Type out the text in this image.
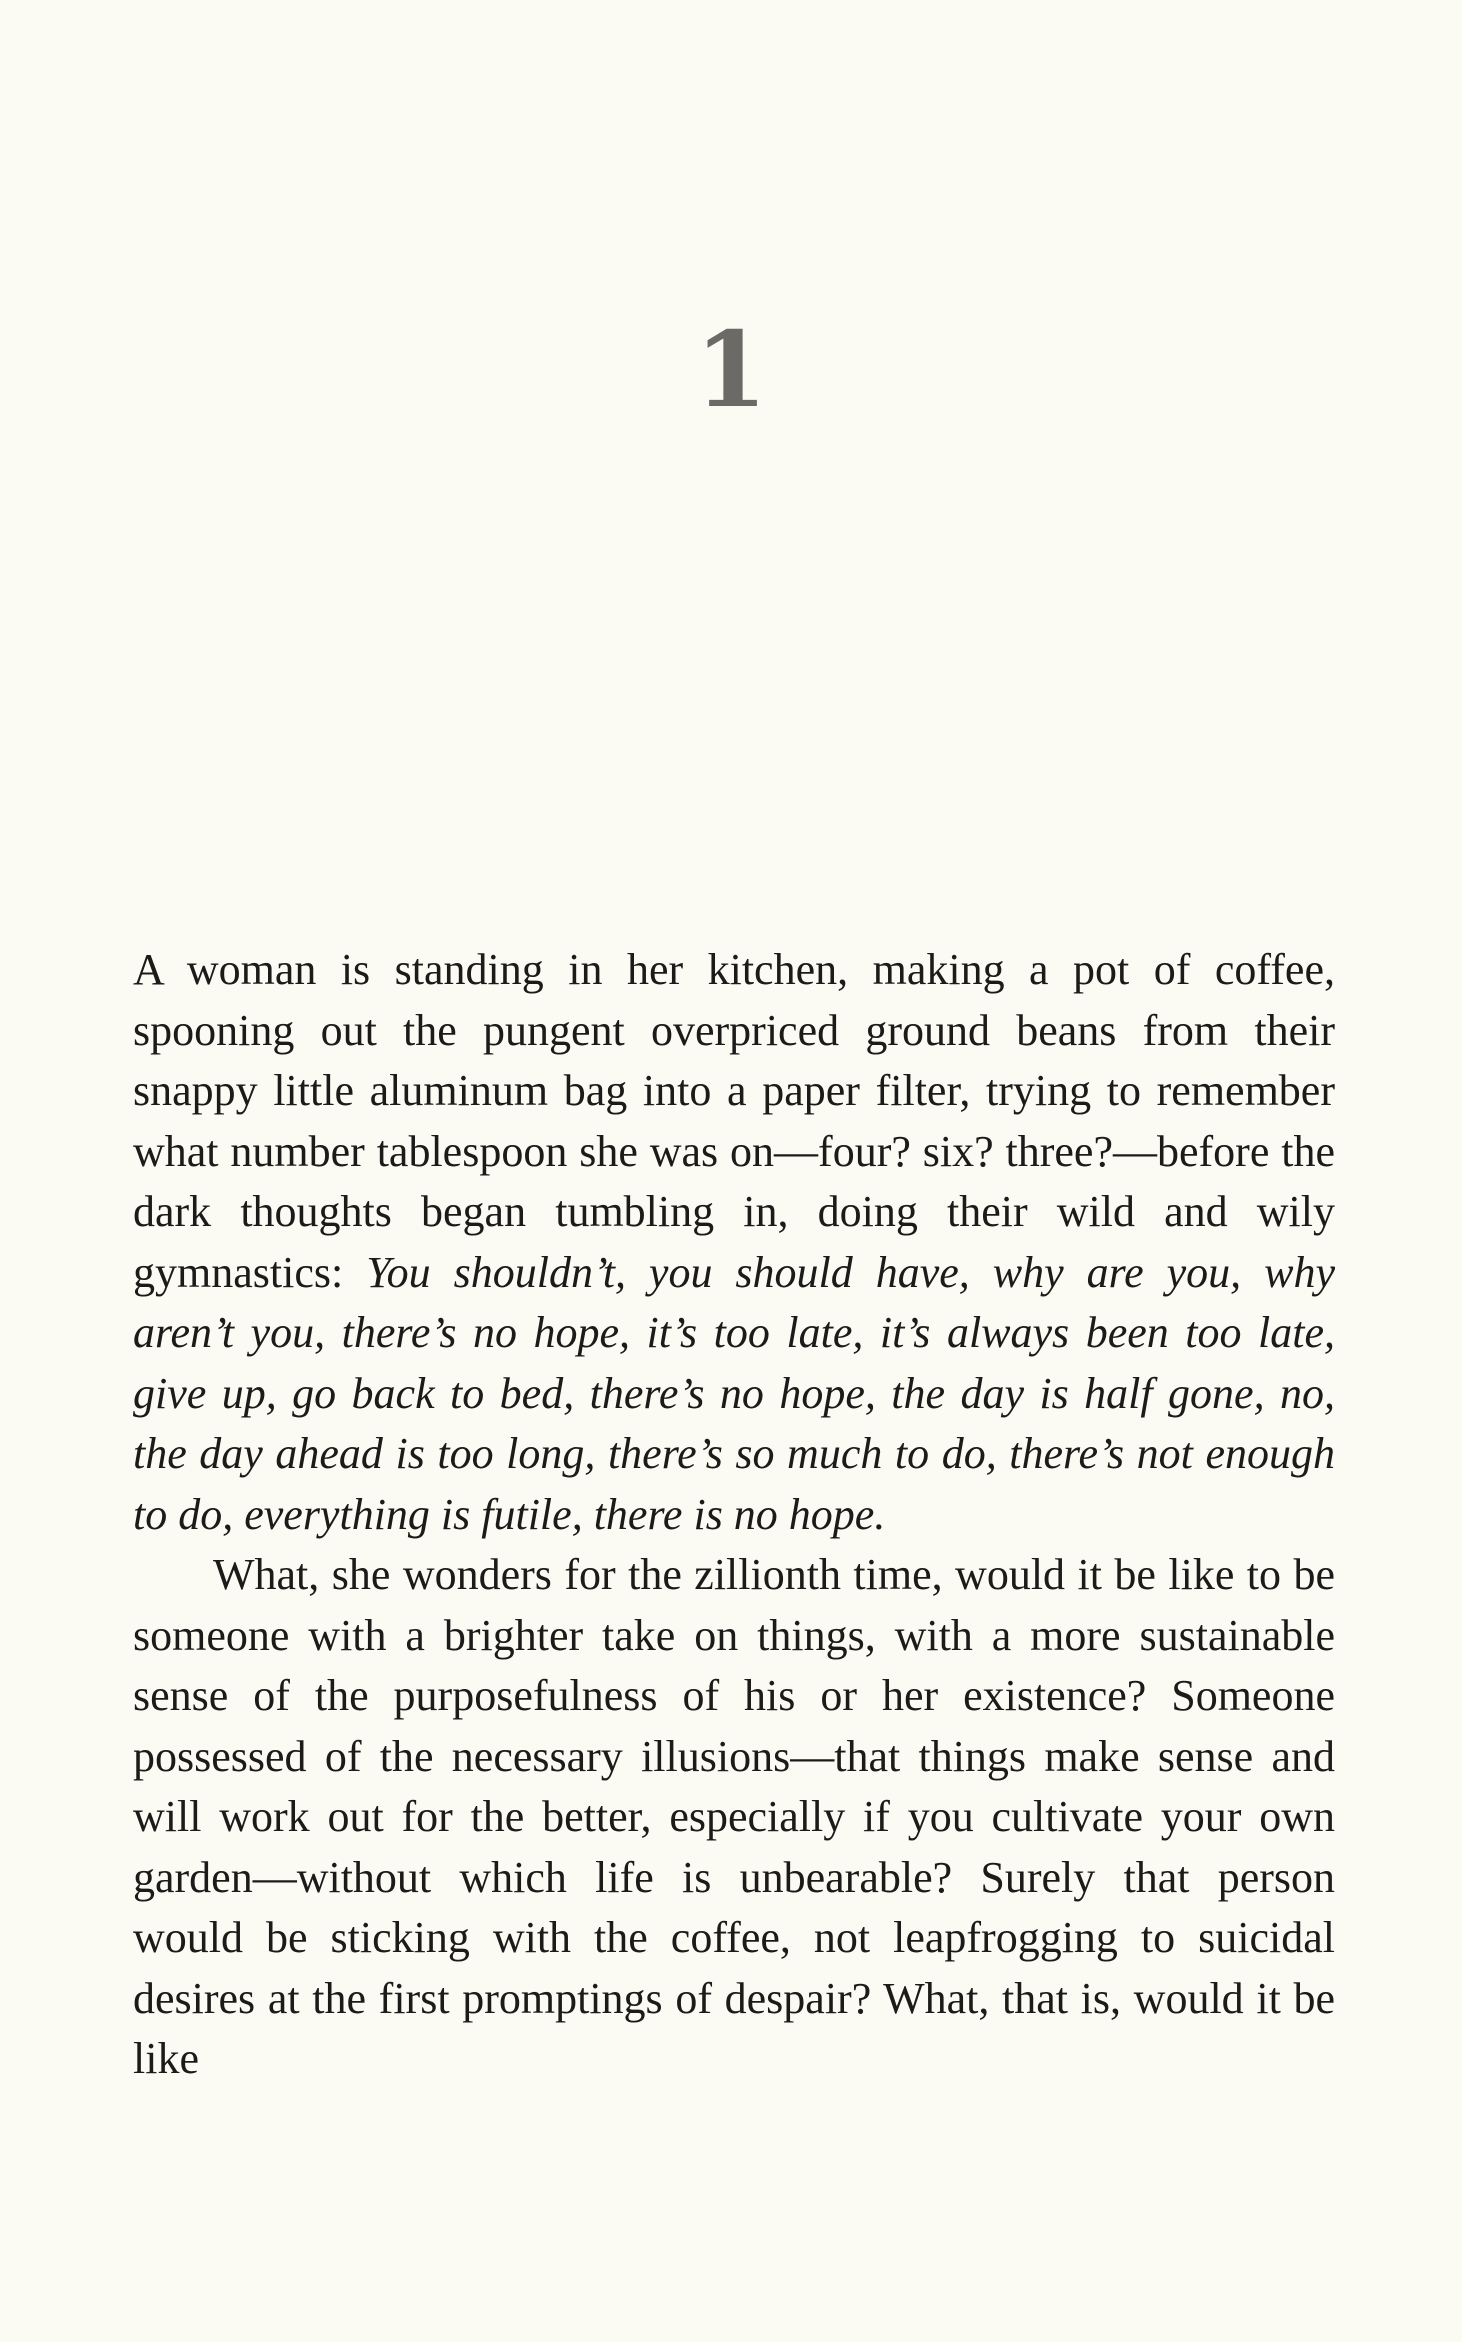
1

A woman is standing in her kitchen, making a pot of coffee, spooning out the pungent overpriced ground beans from their snappy little aluminum bag into a paper filter, trying to remember what number tablespoon she was on—four? six? three?—before the dark thoughts began tumbling in, doing their wild and wily gymnastics: You shouldn’t, you should have, why are you, why aren’t you, there’s no hope, it’s too late, it’s always been too late, give up, go back to bed, there’s no hope, the day is half gone, no, the day ahead is too long, there’s so much to do, there’s not enough to do, everything is futile, there is no hope.

What, she wonders for the zillionth time, would it be like to be someone with a brighter take on things, with a more sustainable sense of the purposefulness of his or her existence? Someone possessed of the necessary illusions—that things make sense and will work out for the better, especially if you cultivate your own garden—without which life is unbearable? Surely that person would be sticking with the coffee, not leapfrogging to suicidal desires at the first promptings of despair? What, that is, would it be like
